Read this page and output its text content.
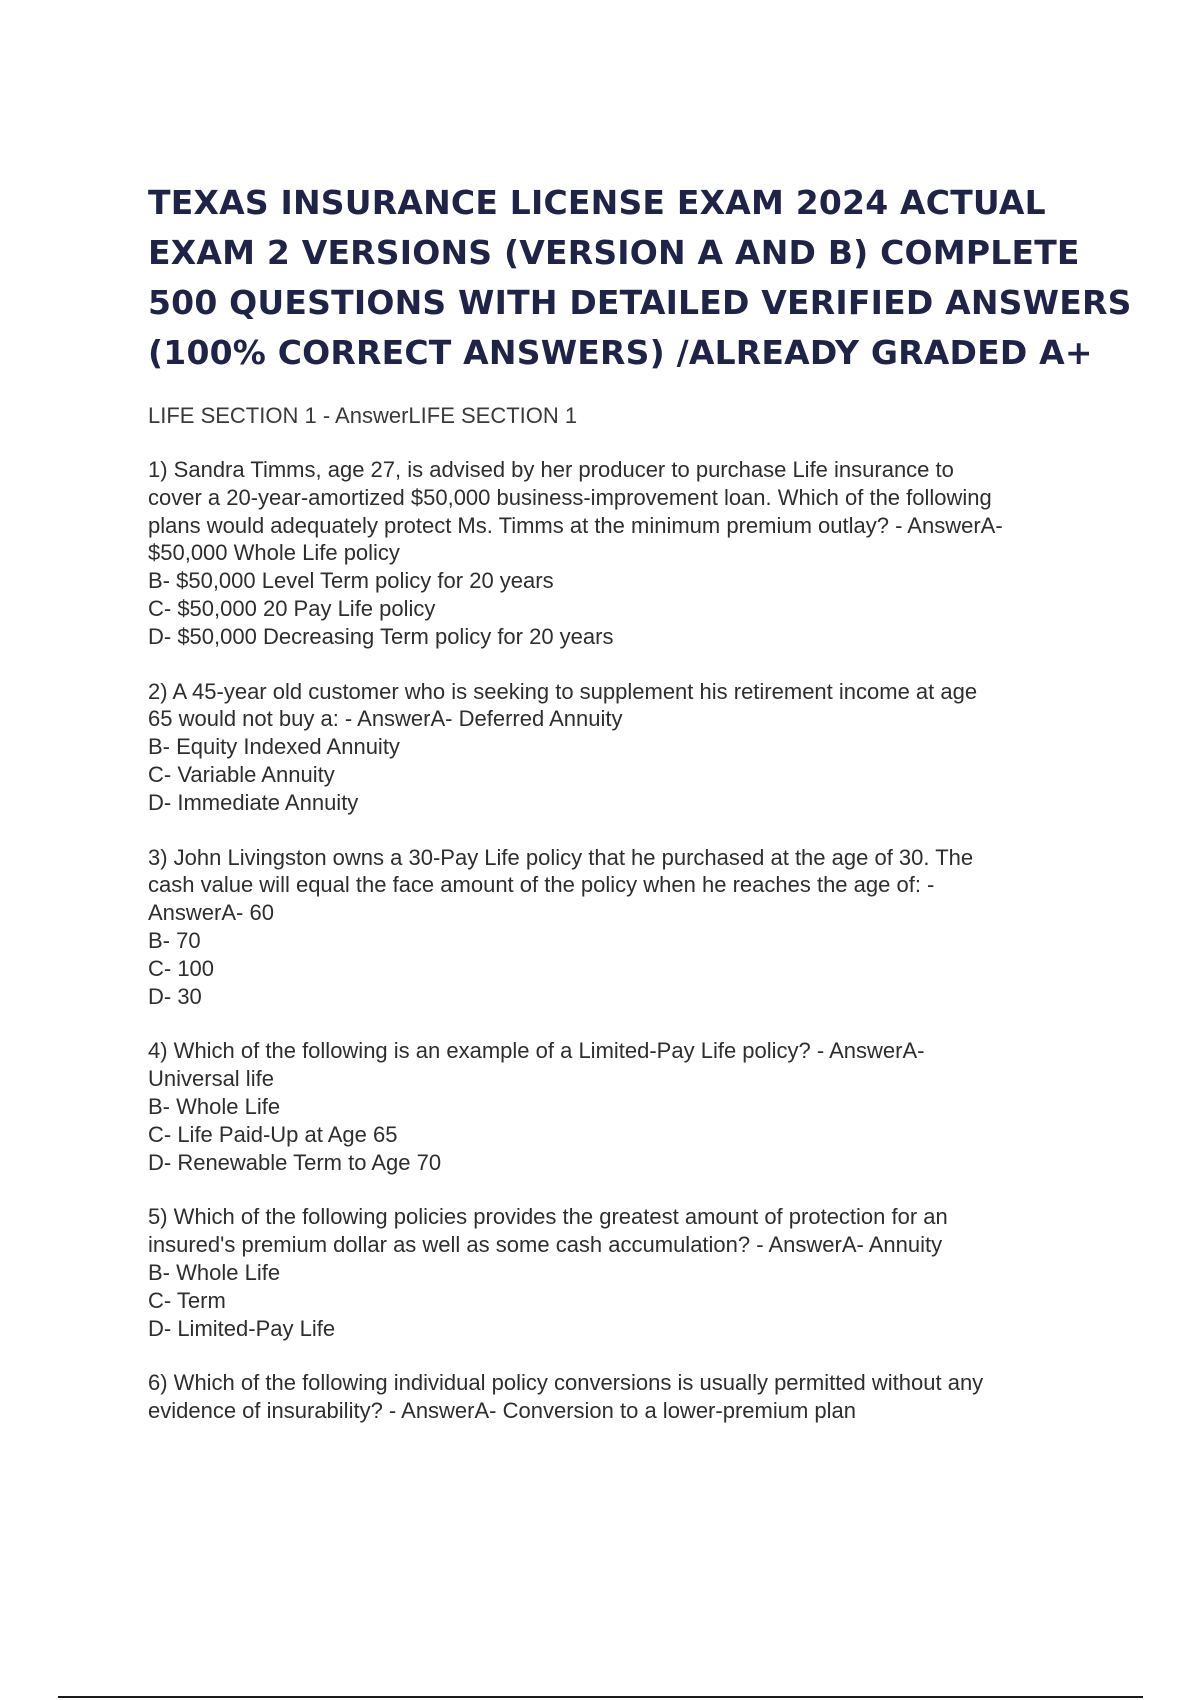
TEXAS INSURANCE LICENSE EXAM 2024 ACTUAL
EXAM 2 VERSIONS (VERSION A AND B) COMPLETE
500 QUESTIONS WITH DETAILED VERIFIED ANSWERS
(100% CORRECT ANSWERS) /ALREADY GRADED A+

LIFE SECTION 1 - AnswerLIFE SECTION 1

1) Sandra Timms, age 27, is advised by her producer to purchase Life insurance to
cover a 20-year-amortized $50,000 business-improvement loan. Which of the following
plans would adequately protect Ms. Timms at the minimum premium outlay? - AnswerA-
$50,000 Whole Life policy
B- $50,000 Level Term policy for 20 years
C- $50,000 20 Pay Life policy
D- $50,000 Decreasing Term policy for 20 years
2) A 45-year old customer who is seeking to supplement his retirement income at age
65 would not buy a: - AnswerA- Deferred Annuity
B- Equity Indexed Annuity
C- Variable Annuity
D- Immediate Annuity
3) John Livingston owns a 30-Pay Life policy that he purchased at the age of 30. The
cash value will equal the face amount of the policy when he reaches the age of: -
AnswerA- 60
B- 70
C- 100
D- 30
4) Which of the following is an example of a Limited-Pay Life policy? - AnswerA-
Universal life
B- Whole Life
C- Life Paid-Up at Age 65
D- Renewable Term to Age 70
5) Which of the following policies provides the greatest amount of protection for an
insured's premium dollar as well as some cash accumulation? - AnswerA- Annuity
B- Whole Life
C- Term
D- Limited-Pay Life
6) Which of the following individual policy conversions is usually permitted without any
evidence of insurability? - AnswerA- Conversion to a lower-premium plan
